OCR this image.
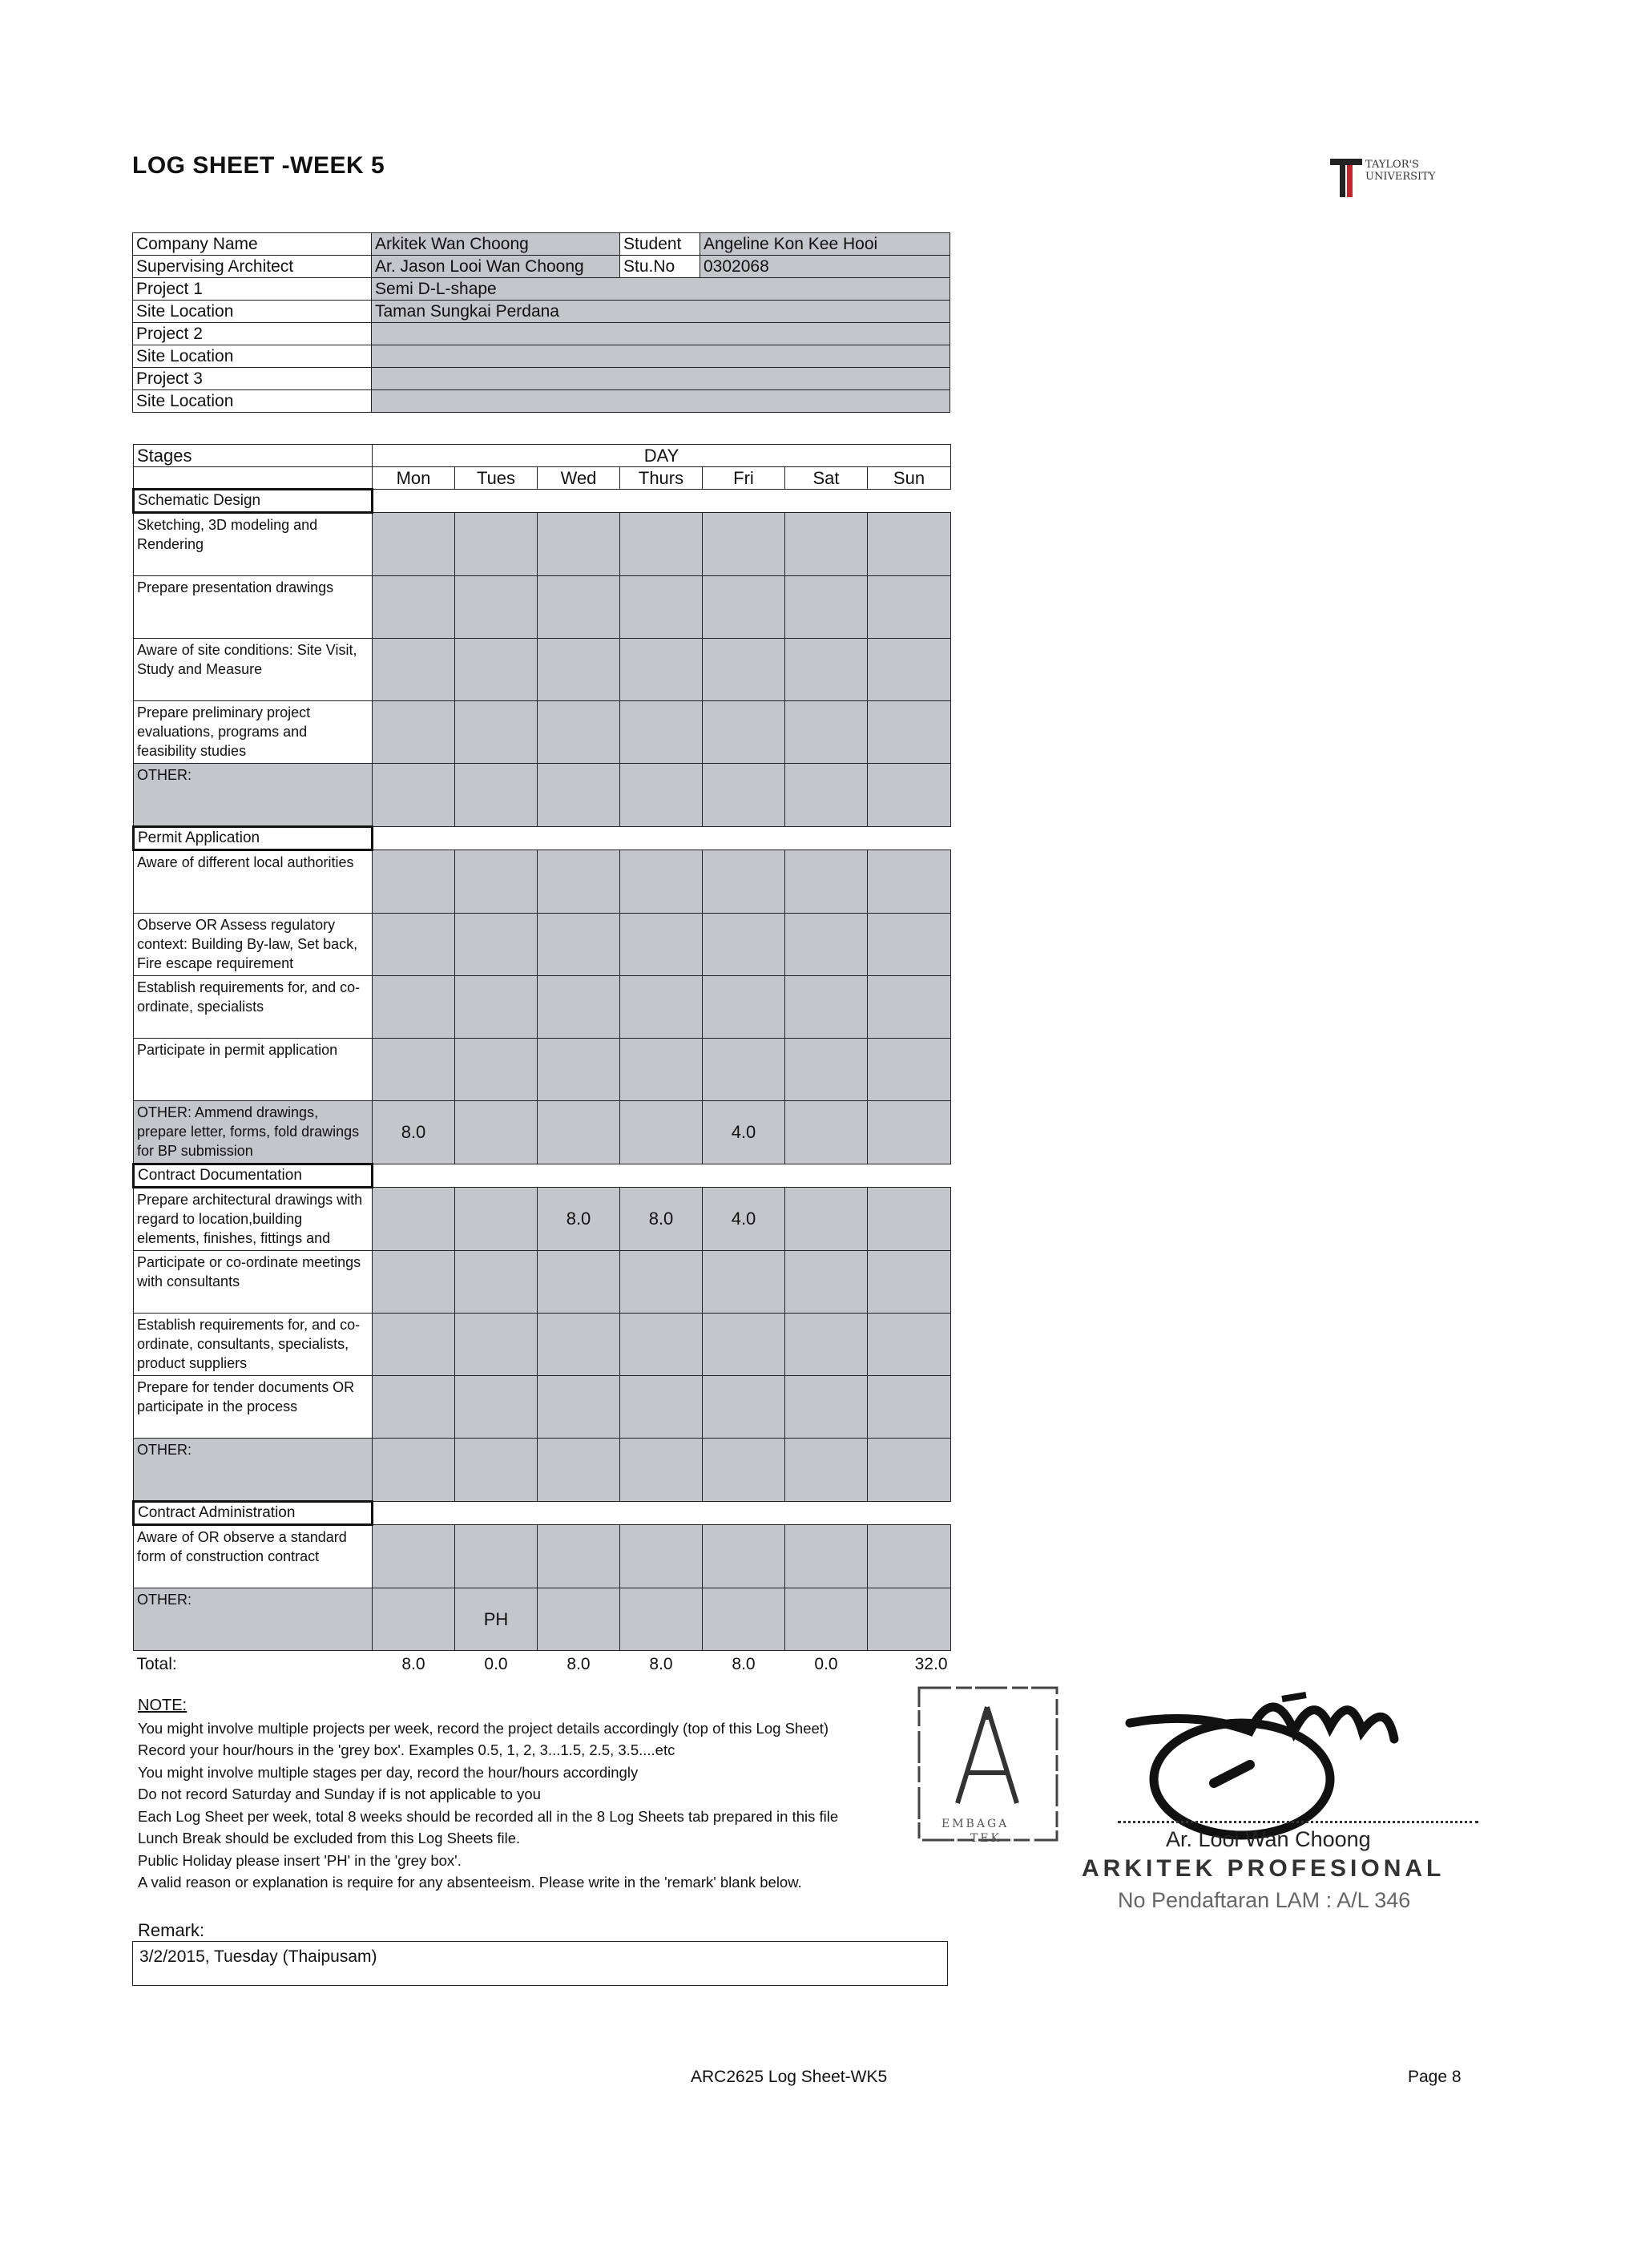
LOG SHEET -WEEK 5	TAYLOR'S
UNIVERSITY
Company Name	Arkitek Wan Choong	Student	Angeline Kon Kee Hooi
Supervising Architect	Ar. Jason Looi Wan Choong	Stu.No	0302068
Project 1	Semi D-L-shape		
Site Location	Taman Sungkai Perdana		
Project 2			
Site Location			
Project 3			
Site Location			
Stages	DAY						
	Mon	Tues	Wed	Thurs	Fri	Sat	Sun
Schematic Design							
Sketching, 3D modeling and Rendering							
Prepare presentation drawings							
Aware of site conditions: Site Visit, Study and Measure							
Prepare preliminary project evaluations, programs and feasibility studies							
OTHER:							
Permit Application							
Aware of different local authorities							
Observe OR Assess regulatory context: Building By-law, Set back, Fire escape requirement							
Establish requirements for, and co-ordinate, specialists							
Participate in permit application							
OTHER: Ammend drawings, prepare letter, forms, fold drawings for BP submission	8.0				4.0		
Contract Documentation							
Prepare architectural drawings with regard to location,building elements, finishes, fittings and			8.0	8.0	4.0		
Participate or co-ordinate meetings with consultants							
Establish requirements for, and co-ordinate, consultants, specialists, product suppliers							
Prepare for tender documents OR participate in the process							
OTHER:							
Contract Administration							
Aware of OR observe a standard form of construction contract							
OTHER:		PH					
Total:	8.0	0.0	8.0	8.0	8.0	0.0	32.0
NOTE:
You might involve multiple projects per week, record the project details accordingly (top of this Log Sheet)
Record your hour/hours in the 'grey box'. Examples 0.5, 1, 2, 3...1.5, 2.5, 3.5....etc
You might involve multiple stages per day, record the hour/hours accordingly
Do not record Saturday and Sunday if is not applicable to you
Each Log Sheet per week, total 8 weeks should be recorded all in the 8 Log Sheets tab prepared in this file
Lunch Break should be excluded from this Log Sheets file.
Public Holiday please insert 'PH' in the 'grey box'.
A valid reason or explanation is require for any absenteeism. Please write in the 'remark' blank below.
Remark:
3/2/2015, Tuesday (Thaipusam)
EMBAGA
TEK	Ar. Looi Wan Choong
ARKITEK PROFESIONAL
No Pendaftaran LAM : A/L 346
ARC2625 Log Sheet-WK5	Page 8
